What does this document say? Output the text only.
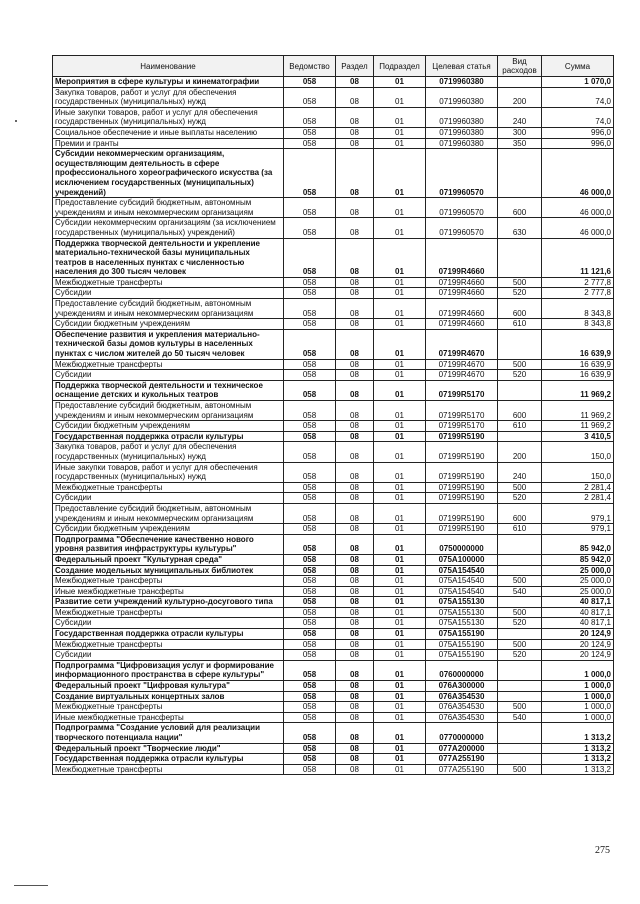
Наименование	Ведомство	Раздел	Подраздел	Целевая статья	Вид расходов	Сумма
Мероприятия в сфере культуры и кинематографии	058	08	01	0719960380		1 070,0
Закупка товаров, работ и услуг для обеспечения государственных (муниципальных) нужд	058	08	01	0719960380	200	74,0
Иные закупки товаров, работ и услуг для обеспечения государственных (муниципальных) нужд	058	08	01	0719960380	240	74,0
Социальное обеспечение и иные выплаты населению	058	08	01	0719960380	300	996,0
Премии и гранты	058	08	01	0719960380	350	996,0
Субсидии некоммерческим организациям, осуществляющим деятельность в сфере профессионального хореографического искусства (за исключением государственных (муниципальных) учреждений)	058	08	01	0719960570		46 000,0
Предоставление субсидий бюджетным, автономным учреждениям и иным некоммерческим организациям	058	08	01	0719960570	600	46 000,0
Субсидии некоммерческим организациям (за исключением государственных (муниципальных) учреждений)	058	08	01	0719960570	630	46 000,0
Поддержка творческой деятельности и укрепление материально-технической базы муниципальных театров в населенных пунктах с численностью населения до 300 тысяч человек	058	08	01	07199R4660		11 121,6
Межбюджетные трансферты	058	08	01	07199R4660	500	2 777,8
Субсидии	058	08	01	07199R4660	520	2 777,8
Предоставление субсидий бюджетным, автономным учреждениям и иным некоммерческим организациям	058	08	01	07199R4660	600	8 343,8
Субсидии бюджетным учреждениям	058	08	01	07199R4660	610	8 343,8
Обеспечение развития и укрепления материально-технической базы домов культуры в населенных пунктах с числом жителей до 50 тысяч человек	058	08	01	07199R4670		16 639,9
Межбюджетные трансферты	058	08	01	07199R4670	500	16 639,9
Субсидии	058	08	01	07199R4670	520	16 639,9
Поддержка творческой деятельности и техническое оснащение детских и кукольных театров	058	08	01	07199R5170		11 969,2
Предоставление субсидий бюджетным, автономным учреждениям и иным некоммерческим организациям	058	08	01	07199R5170	600	11 969,2
Субсидии бюджетным учреждениям	058	08	01	07199R5170	610	11 969,2
Государственная поддержка отрасли культуры	058	08	01	07199R5190		3 410,5
Закупка товаров, работ и услуг для обеспечения государственных (муниципальных) нужд	058	08	01	07199R5190	200	150,0
Иные закупки товаров, работ и услуг для обеспечения государственных (муниципальных) нужд	058	08	01	07199R5190	240	150,0
Межбюджетные трансферты	058	08	01	07199R5190	500	2 281,4
Субсидии	058	08	01	07199R5190	520	2 281,4
Предоставление субсидий бюджетным, автономным учреждениям и иным некоммерческим организациям	058	08	01	07199R5190	600	979,1
Субсидии бюджетным учреждениям	058	08	01	07199R5190	610	979,1
Подпрограмма "Обеспечение качественно нового уровня развития инфраструктуры культуры"	058	08	01	0750000000		85 942,0
Федеральный проект "Культурная среда"	058	08	01	075A100000		85 942,0
Создание модельных муниципальных библиотек	058	08	01	075A154540		25 000,0
Межбюджетные трансферты	058	08	01	075A154540	500	25 000,0
Иные межбюджетные трансферты	058	08	01	075A154540	540	25 000,0
Развитие сети учреждений культурно-досугового типа	058	08	01	075A155130		40 817,1
Межбюджетные трансферты	058	08	01	075A155130	500	40 817,1
Субсидии	058	08	01	075A155130	520	40 817,1
Государственная поддержка отрасли культуры	058	08	01	075A155190		20 124,9
Межбюджетные трансферты	058	08	01	075A155190	500	20 124,9
Субсидии	058	08	01	075A155190	520	20 124,9
Подпрограмма "Цифровизация услуг и формирование информационного пространства в сфере культуры"	058	08	01	0760000000		1 000,0
Федеральный проект "Цифровая культура"	058	08	01	076A300000		1 000,0
Создание виртуальных концертных залов	058	08	01	076A354530		1 000,0
Межбюджетные трансферты	058	08	01	076A354530	500	1 000,0
Иные межбюджетные трансферты	058	08	01	076A354530	540	1 000,0
Подпрограмма "Создание условий для реализации творческого потенциала нации"	058	08	01	0770000000		1 313,2
Федеральный проект "Творческие люди"	058	08	01	077A200000		1 313,2
Государственная поддержка отрасли культуры	058	08	01	077A255190		1 313,2
Межбюджетные трансферты	058	08	01	077A255190	500	1 313,2
275
